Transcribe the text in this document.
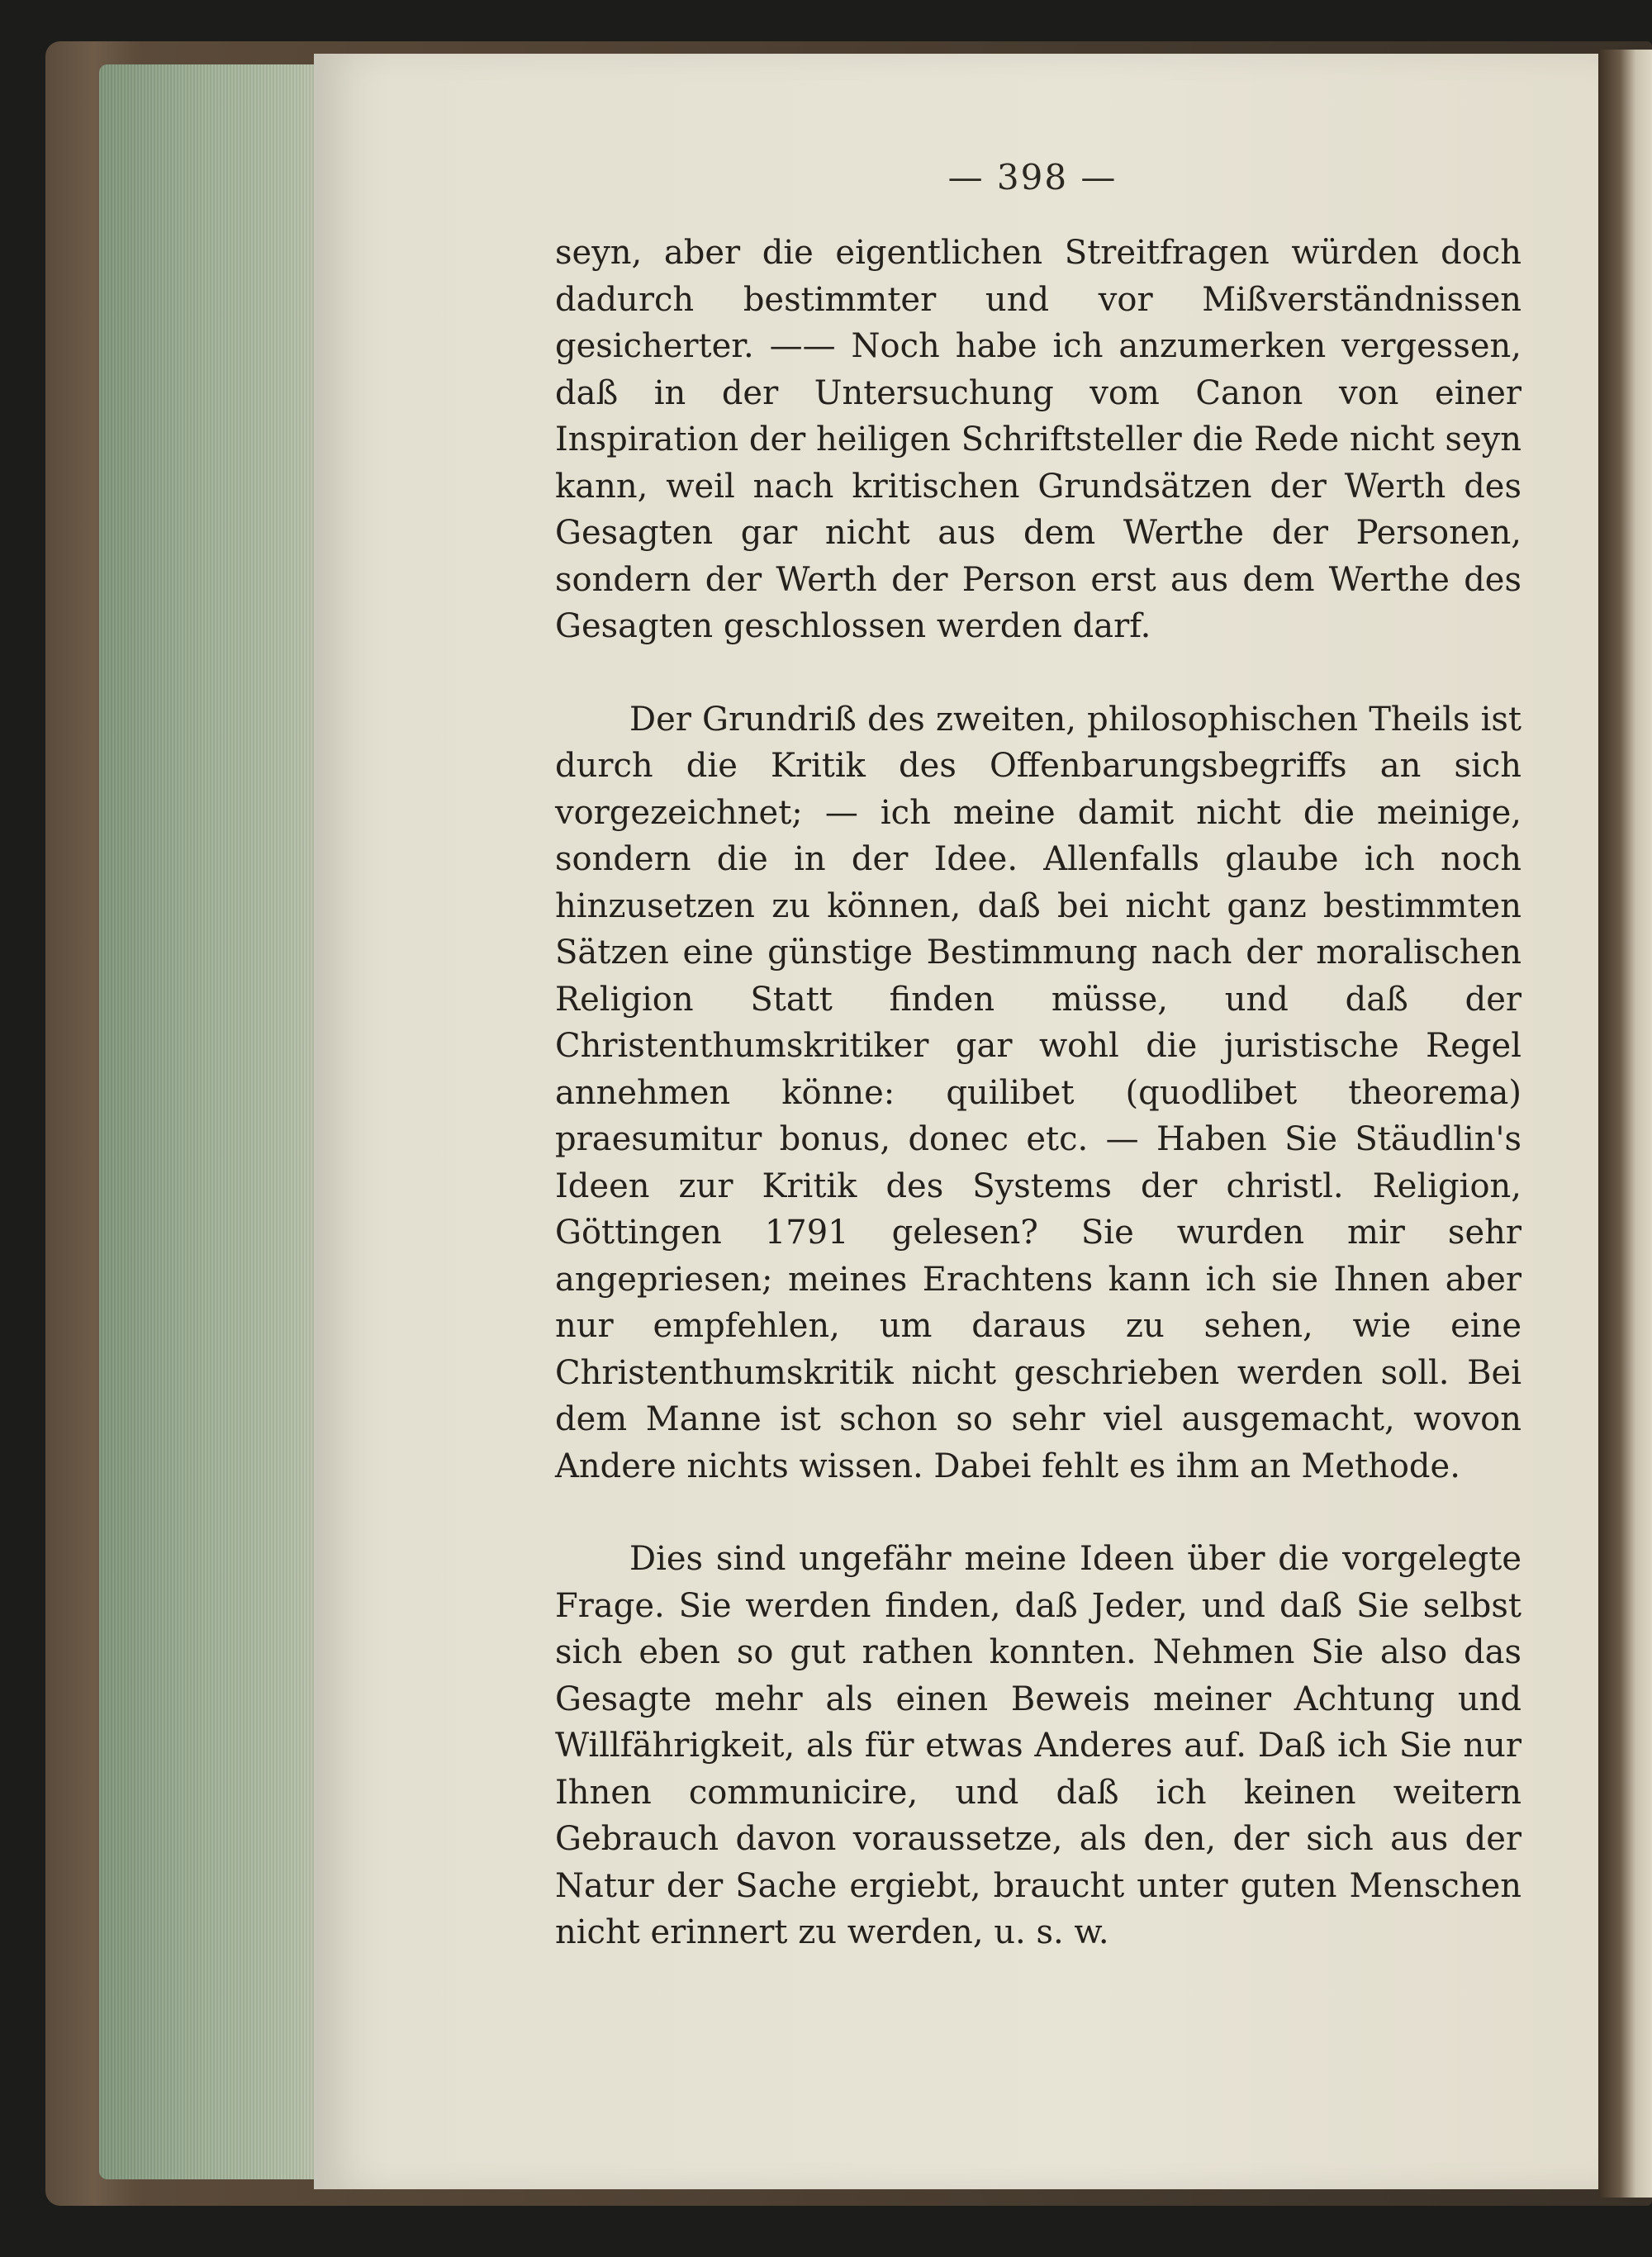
— 398 —

seyn, aber die eigentlichen Streitfragen würden doch dadurch bestimmter und vor Mißverständnissen gesicherter. —— Noch habe ich anzumerken vergessen, daß in der Untersuchung vom Canon von einer Inspiration der heiligen Schriftsteller die Rede nicht seyn kann, weil nach kritischen Grundsätzen der Werth des Gesagten gar nicht aus dem Werthe der Personen, sondern der Werth der Person erst aus dem Werthe des Gesagten geschlossen werden darf.

Der Grundriß des zweiten, philosophischen Theils ist durch die Kritik des Offenbarungsbegriffs an sich vorgezeichnet; — ich meine damit nicht die meinige, sondern die in der Idee. Allenfalls glaube ich noch hinzusetzen zu können, daß bei nicht ganz bestimmten Sätzen eine günstige Bestimmung nach der moralischen Religion Statt finden müsse, und daß der Christenthumskritiker gar wohl die juristische Regel annehmen könne: quilibet (quodlibet theorema) praesumitur bonus, donec etc. — Haben Sie Stäudlin's Ideen zur Kritik des Systems der christl. Religion, Göttingen 1791 gelesen? Sie wurden mir sehr angepriesen; meines Erachtens kann ich sie Ihnen aber nur empfehlen, um daraus zu sehen, wie eine Christenthumskritik nicht geschrieben werden soll. Bei dem Manne ist schon so sehr viel ausgemacht, wovon Andere nichts wissen. Dabei fehlt es ihm an Methode.

Dies sind ungefähr meine Ideen über die vorgelegte Frage. Sie werden finden, daß Jeder, und daß Sie selbst sich eben so gut rathen konnten. Nehmen Sie also das Gesagte mehr als einen Beweis meiner Achtung und Willfährigkeit, als für etwas Anderes auf. Daß ich Sie nur Ihnen communicire, und daß ich keinen weitern Gebrauch davon voraussetze, als den, der sich aus der Natur der Sache ergiebt, braucht unter guten Menschen nicht erinnert zu werden, u. s. w.
